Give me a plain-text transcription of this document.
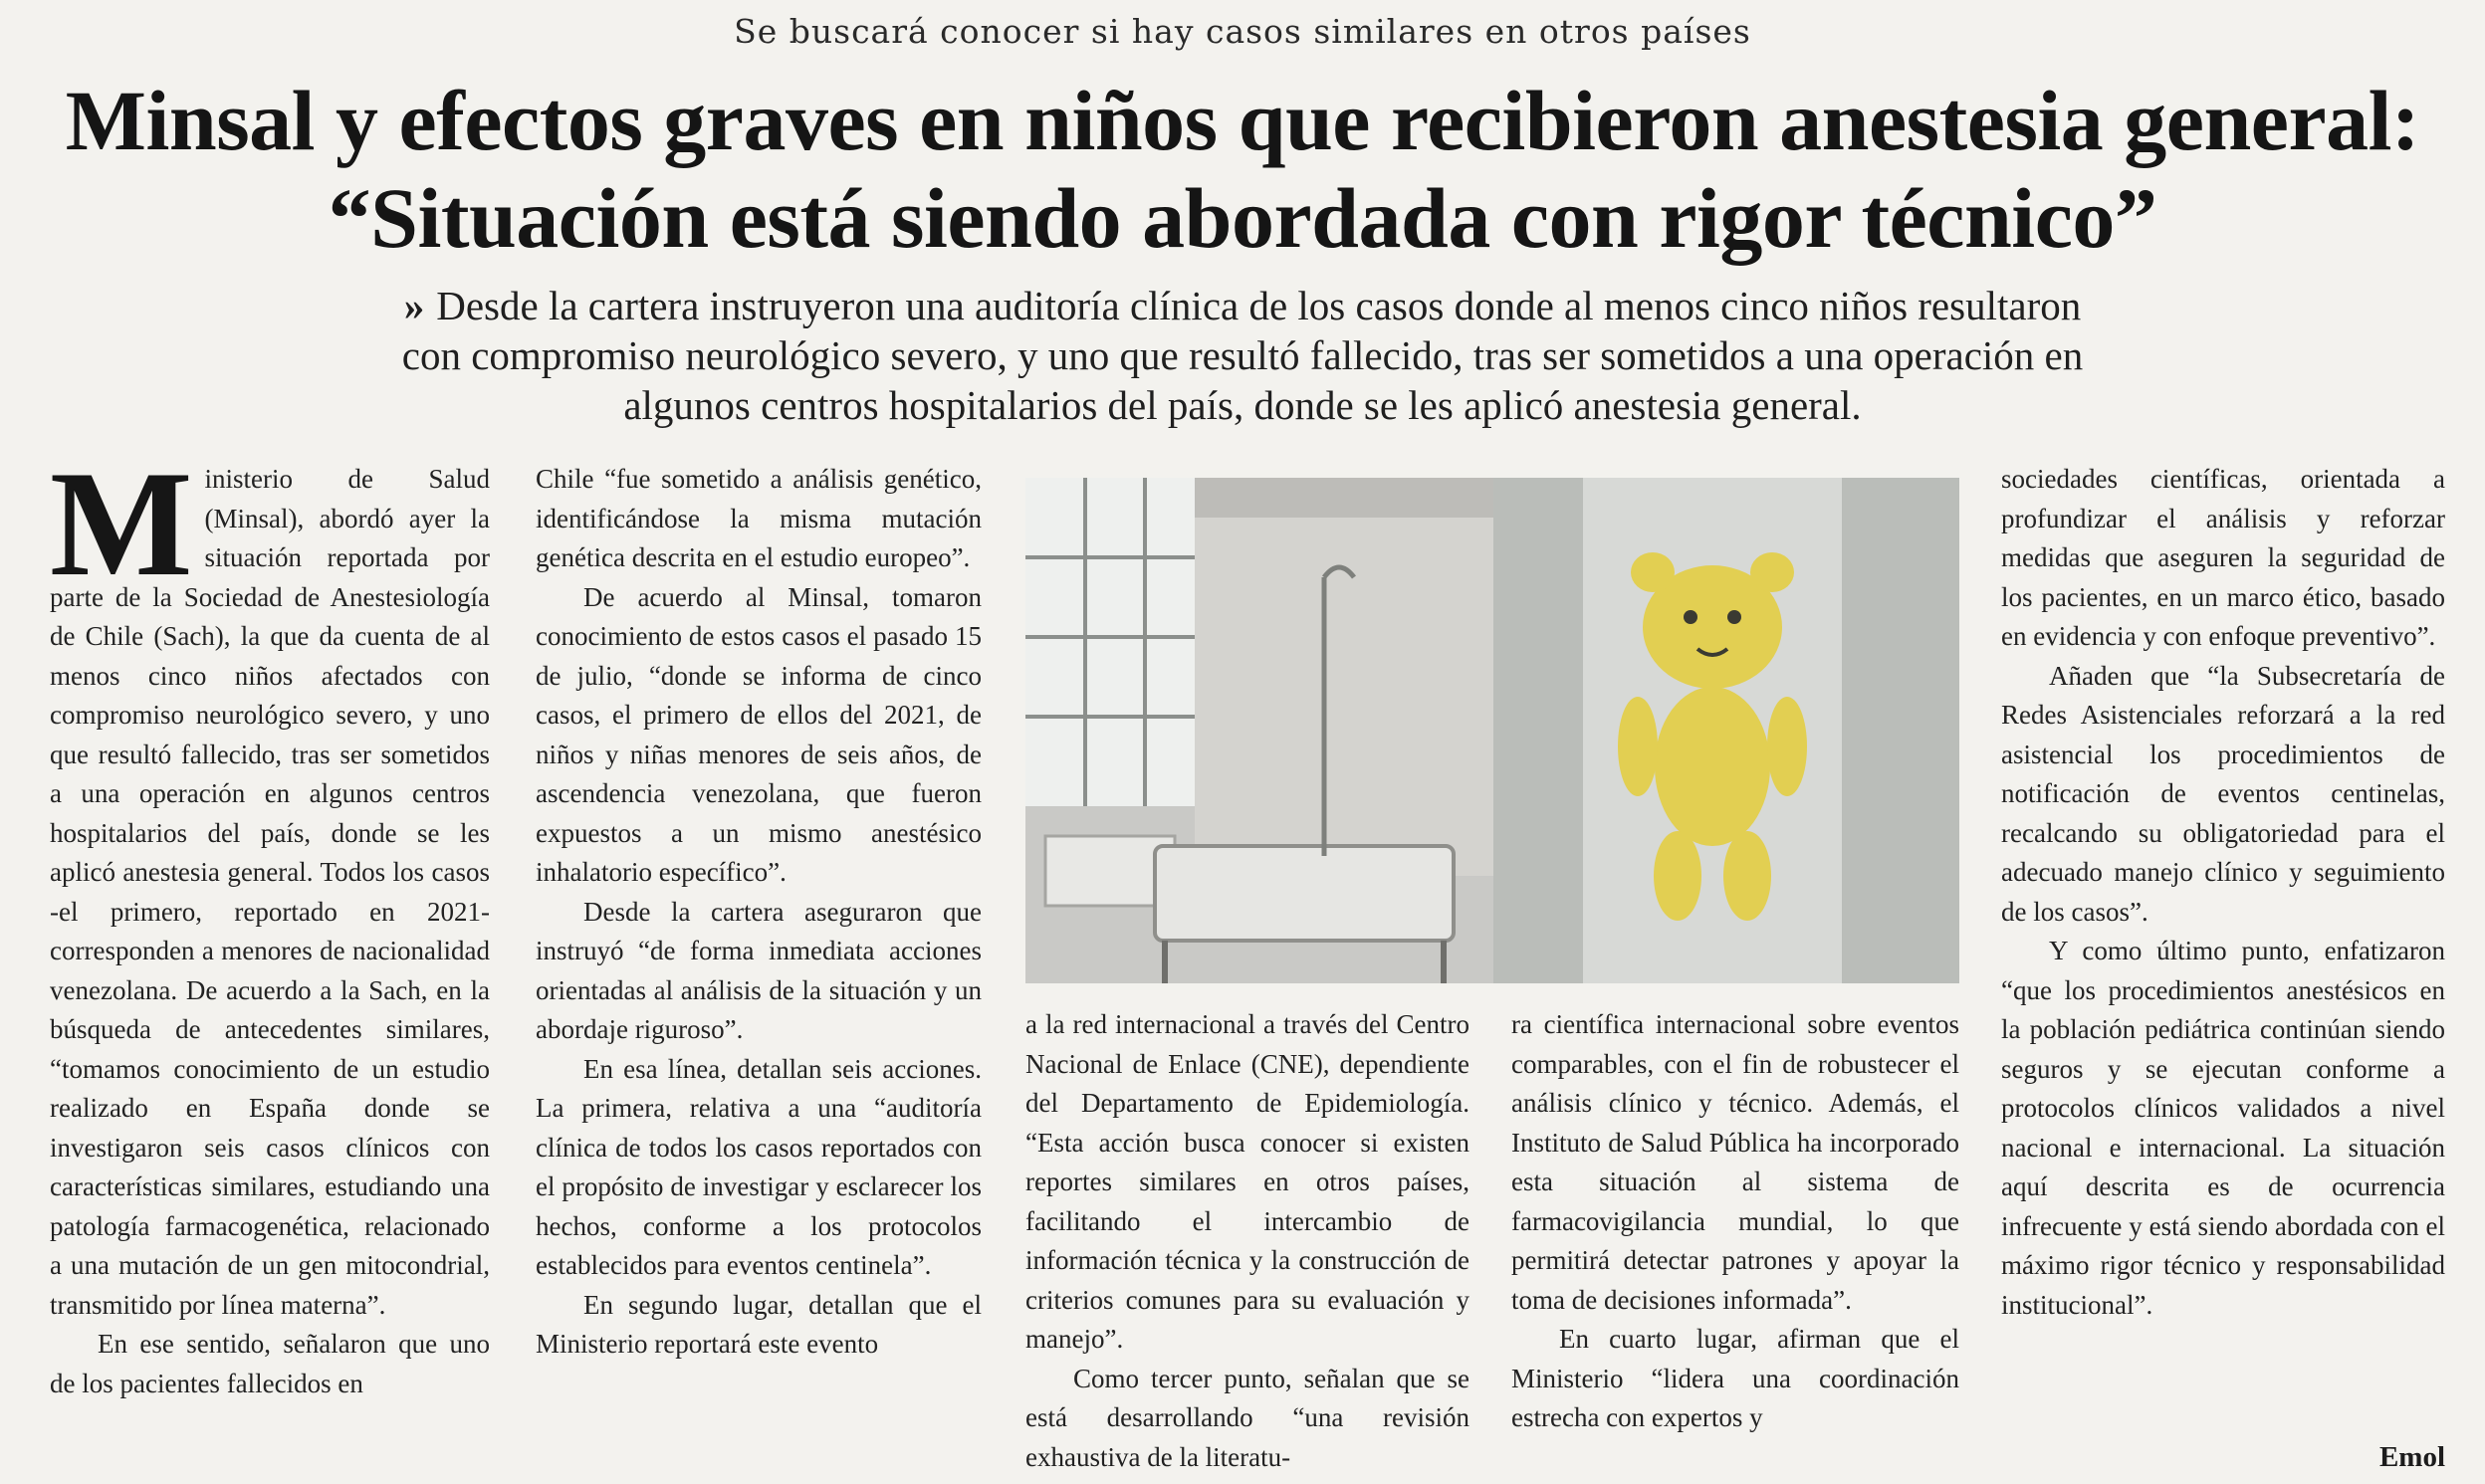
Se buscará conocer si hay casos similares en otros países
Minsal y efectos graves en niños que recibieron anestesia general: “Situación está siendo abordada con rigor técnico”
» Desde la cartera instruyeron una auditoría clínica de los casos donde al menos cinco niños resultaron con compromiso neurológico severo, y uno que resultó fallecido, tras ser sometidos a una operación en algunos centros hospitalarios del país, donde se les aplicó anestesia general.

Ministerio de Salud (Minsal), abordó ayer la situación reportada por parte de la Sociedad de Anestesiología de Chile (Sach), la que da cuenta de al menos cinco niños afectados con compromiso neurológico severo, y uno que resultó fallecido, tras ser sometidos a una operación en algunos centros hospitalarios del país, donde se les aplicó anestesia general. Todos los casos -el primero, reportado en 2021- corresponden a menores de nacionalidad venezolana. De acuerdo a la Sach, en la búsqueda de antecedentes similares, “tomamos conocimiento de un estudio realizado en España donde se investigaron seis casos clínicos con características similares, estudiando una patología farmacogenética, relacionado a una mutación de un gen mitocondrial, transmitido por línea materna”.

En ese sentido, señalaron que uno de los pacientes fallecidos en

Chile “fue sometido a análisis genético, identificándose la misma mutación genética descrita en el estudio europeo”.

De acuerdo al Minsal, tomaron conocimiento de estos casos el pasado 15 de julio, “donde se informa de cinco casos, el primero de ellos del 2021, de niños y niñas menores de seis años, de ascendencia venezolana, que fueron expuestos a un mismo anestésico inhalatorio específico”.

Desde la cartera aseguraron que instruyó “de forma inmediata acciones orientadas al análisis de la situación y un abordaje riguroso”.

En esa línea, detallan seis acciones. La primera, relativa a una “auditoría clínica de todos los casos reportados con el propósito de investigar y esclarecer los hechos, conforme a los protocolos establecidos para eventos centinela”.

En segundo lugar, detallan que el Ministerio reportará este evento

a la red internacional a través del Centro Nacional de Enlace (CNE), dependiente del Departamento de Epidemiología. “Esta acción busca conocer si existen reportes similares en otros países, facilitando el intercambio de información técnica y la construcción de criterios comunes para su evaluación y manejo”.

Como tercer punto, señalan que se está desarrollando “una revisión exhaustiva de la literatu-

ra científica internacional sobre eventos comparables, con el fin de robustecer el análisis clínico y técnico. Además, el Instituto de Salud Pública ha incorporado esta situación al sistema de farmacovigilancia mundial, lo que permitirá detectar patrones y apoyar la toma de decisiones informada”.

En cuarto lugar, afirman que el Ministerio “lidera una coordinación estrecha con expertos y

sociedades científicas, orientada a profundizar el análisis y reforzar medidas que aseguren la seguridad de los pacientes, en un marco ético, basado en evidencia y con enfoque preventivo”.

Añaden que “la Subsecretaría de Redes Asistenciales reforzará a la red asistencial los procedimientos de notificación de eventos centinelas, recalcando su obligatoriedad para el adecuado manejo clínico y seguimiento de los casos”.

Y como último punto, enfatizaron “que los procedimientos anestésicos en la población pediátrica continúan siendo seguros y se ejecutan conforme a protocolos clínicos validados a nivel nacional e internacional. La situación aquí descrita es de ocurrencia infrecuente y está siendo abordada con el máximo rigor técnico y responsabilidad institucional”.

Emol
